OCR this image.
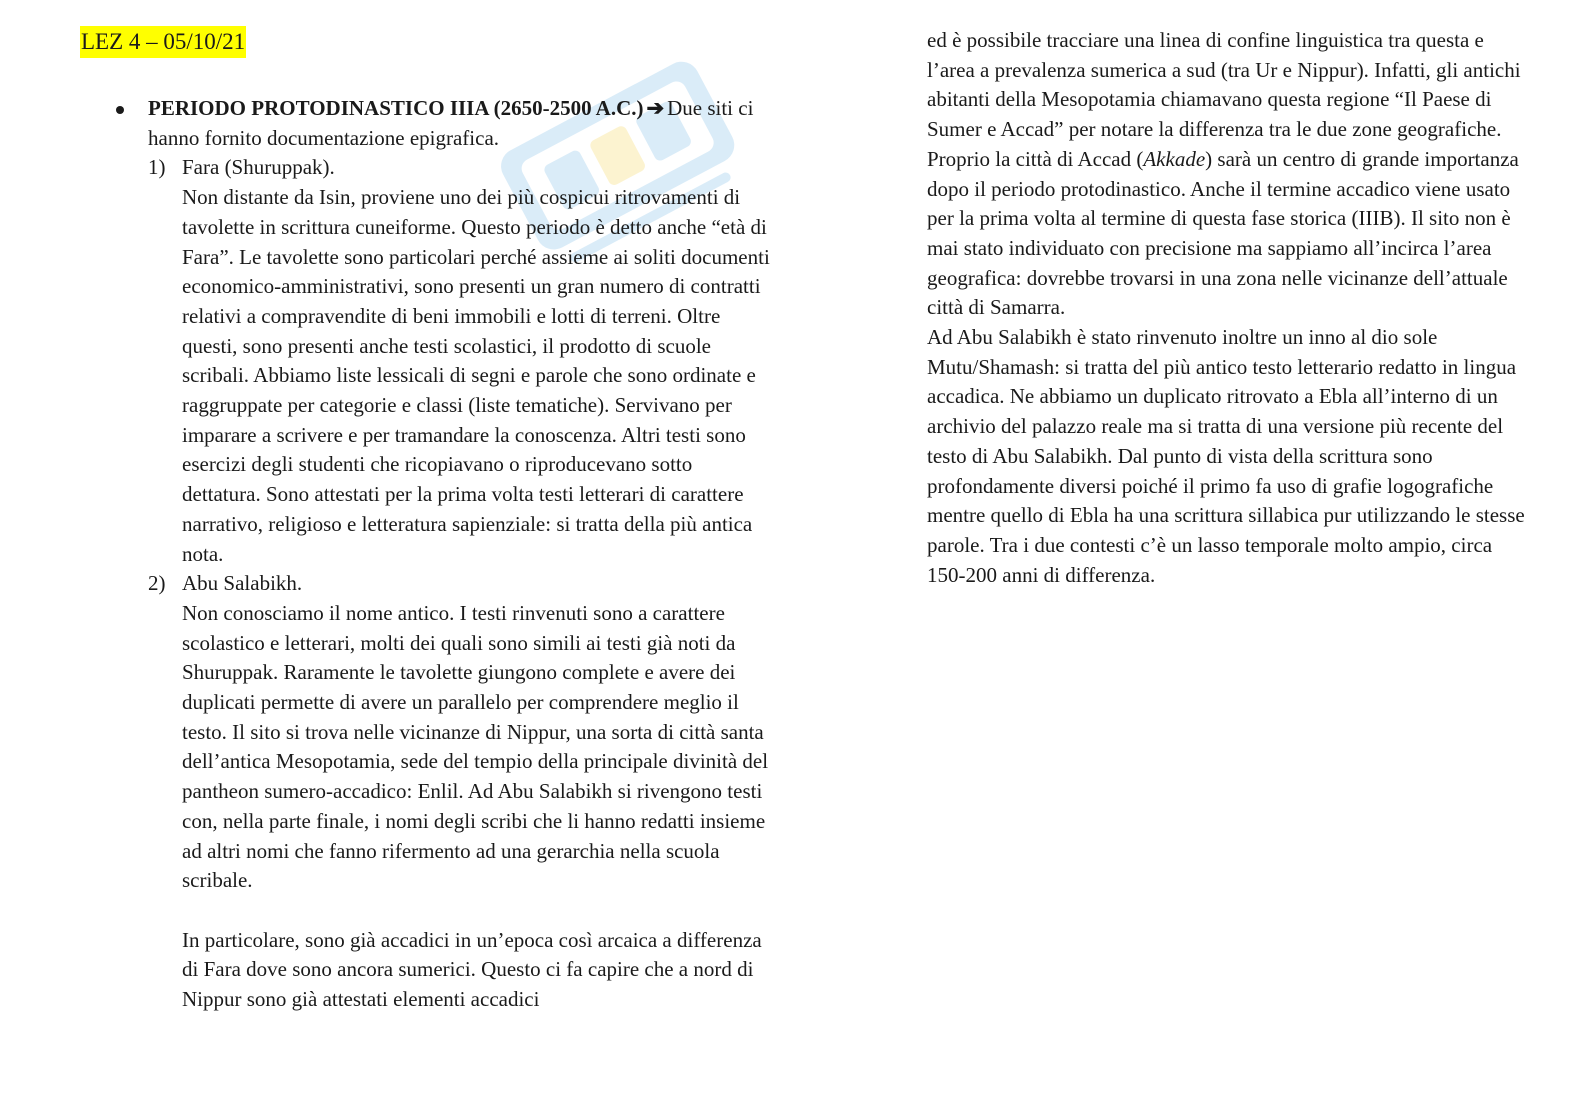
LEZ 4 – 05/10/21
PERIODO PROTODINASTICO IIIA (2650-2500 A.C.) ➔ Due siti ci hanno fornito documentazione epigrafica.
1) Fara (Shuruppak).

Non distante da Isin, proviene uno dei più cospicui ritrovamenti di tavolette in scrittura cuneiforme. Questo periodo è detto anche “età di Fara”. Le tavolette sono particolari perché assieme ai soliti documenti economico-amministrativi, sono presenti un gran numero di contratti relativi a compravendite di beni immobili e lotti di terreni. Oltre questi, sono presenti anche testi scolastici, il prodotto di scuole scribali. Abbiamo liste lessicali di segni e parole che sono ordinate e raggruppate per categorie e classi (liste tematiche). Servivano per imparare a scrivere e per tramandare la conoscenza. Altri testi sono esercizi degli studenti che ricopiavano o riproducevano sotto dettatura. Sono attestati per la prima volta testi letterari di carattere narrativo, religioso e letteratura sapienziale: si tratta della più antica nota.

2) Abu Salabikh.

Non conosciamo il nome antico. I testi rinvenuti sono a carattere scolastico e letterari, molti dei quali sono simili ai testi già noti da Shuruppak. Raramente le tavolette giungono complete e avere dei duplicati permette di avere un parallelo per comprendere meglio il testo. Il sito si trova nelle vicinanze di Nippur, una sorta di città santa dell’antica Mesopotamia, sede del tempio della principale divinità del pantheon sumero-accadico: Enlil. Ad Abu Salabikh si rivengono testi con, nella parte finale, i nomi degli scribi che li hanno redatti insieme ad altri nomi che fanno rifermento ad una gerarchia nella scuola scribale.

In particolare, sono già accadici in un’epoca così arcaica a differenza di Fara dove sono ancora sumerici. Questo ci fa capire che a nord di Nippur sono già attestati elementi accadici

ed è possibile tracciare una linea di confine linguistica tra questa e l’area a prevalenza sumerica a sud (tra Ur e Nippur). Infatti, gli antichi abitanti della Mesopotamia chiamavano questa regione “Il Paese di Sumer e Accad” per notare la differenza tra le due zone geografiche.

Proprio la città di Accad (Akkade) sarà un centro di grande importanza dopo il periodo protodinastico. Anche il termine accadico viene usato per la prima volta al termine di questa fase storica (IIIB). Il sito non è mai stato individuato con precisione ma sappiamo all’incirca l’area geografica: dovrebbe trovarsi in una zona nelle vicinanze dell’attuale città di Samarra.

Ad Abu Salabikh è stato rinvenuto inoltre un inno al dio sole Mutu/Shamash: si tratta del più antico testo letterario redatto in lingua accadica. Ne abbiamo un duplicato ritrovato a Ebla all’interno di un archivio del palazzo reale ma si tratta di una versione più recente del testo di Abu Salabikh. Dal punto di vista della scrittura sono profondamente diversi poiché il primo fa uso di grafie logografiche mentre quello di Ebla ha una scrittura sillabica pur utilizzando le stesse parole. Tra i due contesti c’è un lasso temporale molto ampio, circa 150-200 anni di differenza.
